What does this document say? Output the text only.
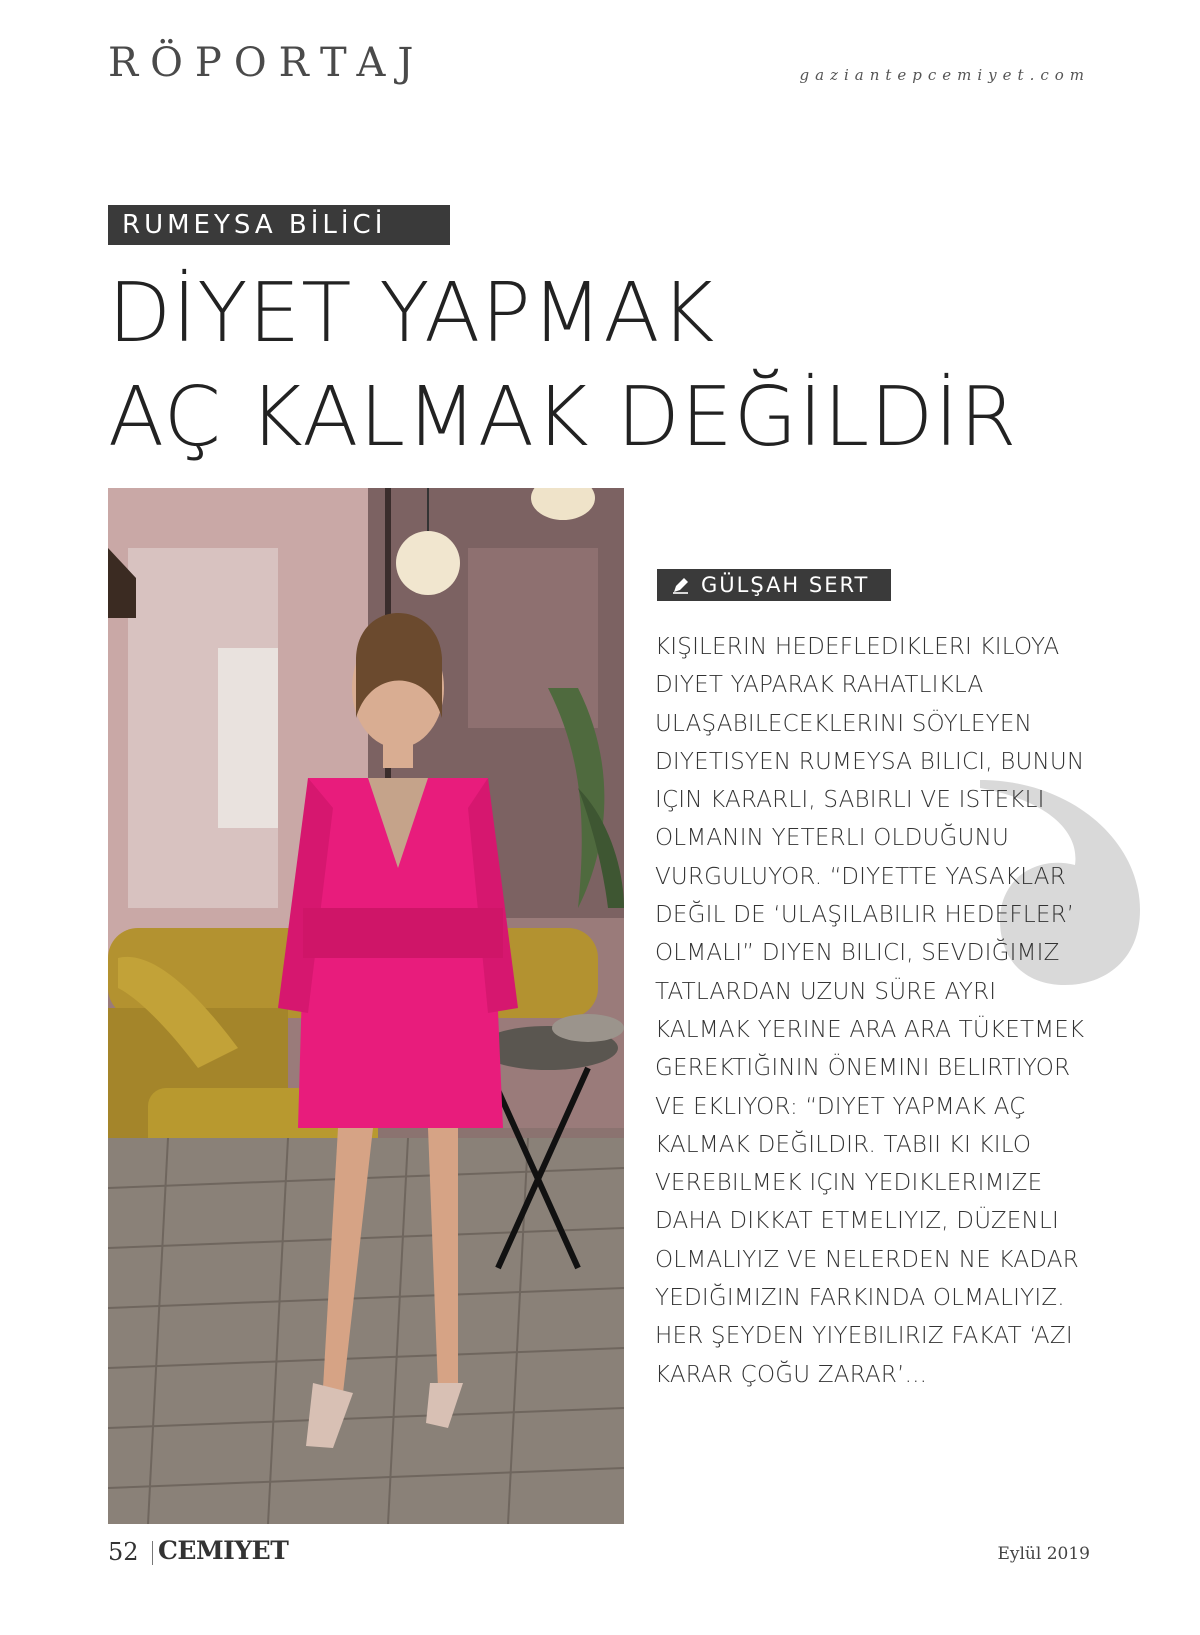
RÖPORTAJ	gaziantepcemiyet.com
RUMEYSA BİLİCİ
DİYET YAPMAK
AÇ KALMAK DEĞİLDİR
GÜLŞAH SERT

KIŞILERIN HEDEFLEDIKLERI KILOYA DIYET YAPARAK RAHATLIKLA ULAŞABILECEKLERINI SÖYLEYEN DIYETISYEN RUMEYSA BILICI, BUNUN IÇIN KARARLI, SABIRLI VE ISTEKLI OLMANIN YETERLI OLDUĞUNU VURGULUYOR. “DIYETTE YASAKLAR DEĞIL DE ‘ULAŞILABILIR HEDEFLER’ OLMALI” DIYEN BILICI, SEVDIĞIMIZ TATLARDAN UZUN SÜRE AYRI KALMAK YERINE ARA ARA TÜKETMEK GEREKTIĞININ ÖNEMINI BELIRTIYOR VE EKLIYOR: “DIYET YAPMAK AÇ KALMAK DEĞILDIR. TABII KI KILO VEREBILMEK IÇIN YEDIKLERIMIZE DAHA DIKKAT ETMELIYIZ, DÜZENLI OLMALIYIZ VE NELERDEN NE KADAR YEDIĞIMIZIN FARKINDA OLMALIYIZ. HER ŞEYDEN YIYEBILIRIZ FAKAT ‘AZI KARAR ÇOĞU ZARAR’...

52 CEMIYET	Eylül 2019
